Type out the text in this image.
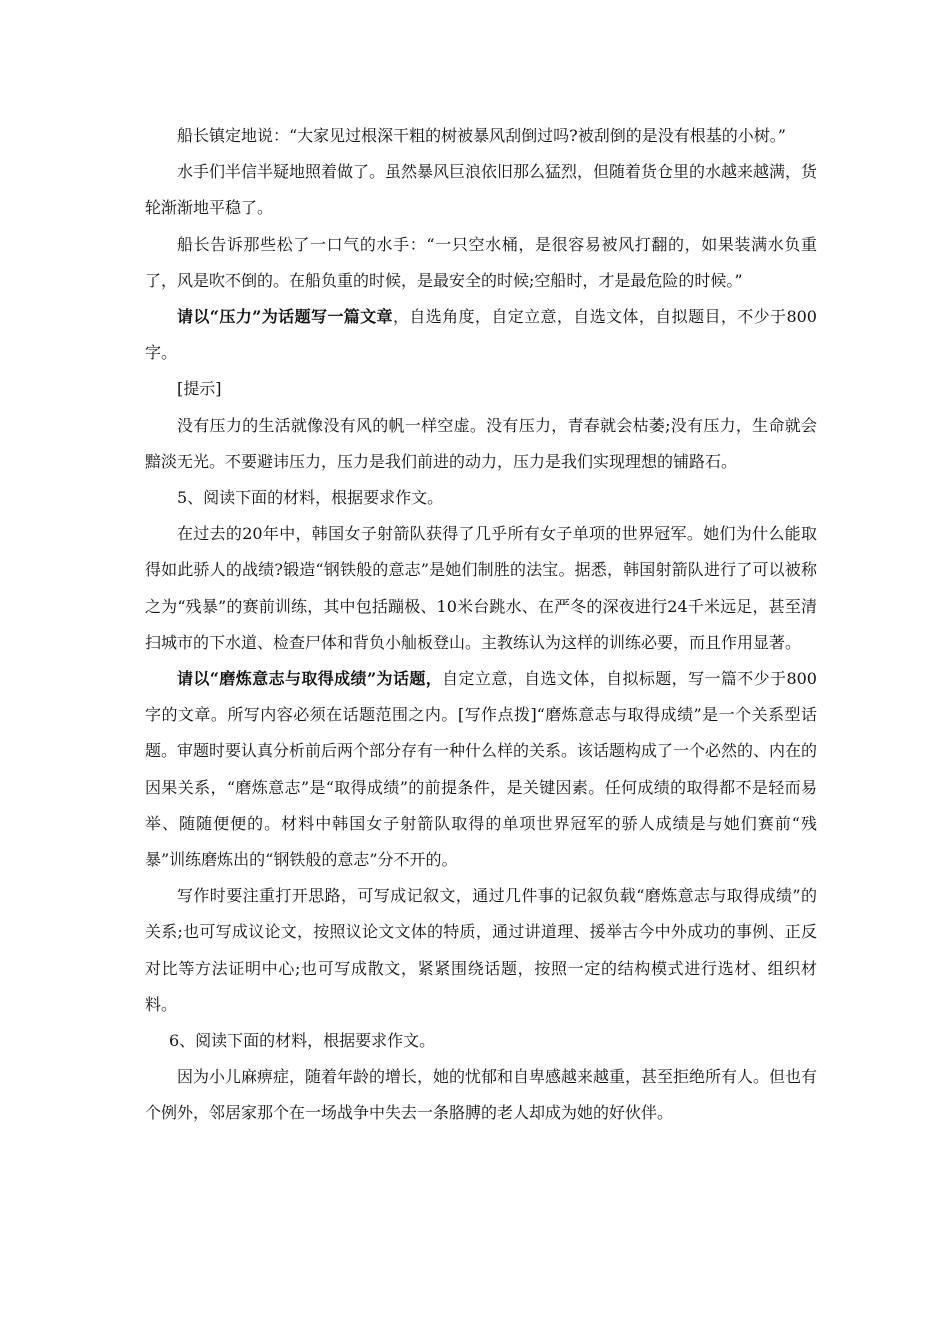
船长镇定地说：“大家见过根深干粗的树被暴风刮倒过吗?被刮倒的是没有根基的小树。”

水手们半信半疑地照着做了。虽然暴风巨浪依旧那么猛烈，但随着货仓里的水越来越满，货轮渐渐地平稳了。

船长告诉那些松了一口气的水手：“一只空水桶，是很容易被风打翻的，如果装满水负重了，风是吹不倒的。在船负重的时候，是最安全的时候;空船时，才是最危险的时候。”

请以“压力”为话题写一篇文章，自选角度，自定立意，自选文体，自拟题目，不少于800字。

[提示]

没有压力的生活就像没有风的帆一样空虚。没有压力，青春就会枯萎;没有压力，生命就会黯淡无光。不要避讳压力，压力是我们前进的动力，压力是我们实现理想的铺路石。

5、阅读下面的材料，根据要求作文。

在过去的20年中，韩国女子射箭队获得了几乎所有女子单项的世界冠军。她们为什么能取得如此骄人的战绩?锻造“钢铁般的意志”是她们制胜的法宝。据悉，韩国射箭队进行了可以被称之为“残暴”的赛前训练，其中包括蹦极、10米台跳水、在严冬的深夜进行24千米远足，甚至清扫城市的下水道、检查尸体和背负小舢板登山。主教练认为这样的训练必要，而且作用显著。

请以“磨炼意志与取得成绩”为话题，自定立意，自选文体，自拟标题，写一篇不少于800字的文章。所写内容必须在话题范围之内。[写作点拨]“磨炼意志与取得成绩”是一个关系型话题。审题时要认真分析前后两个部分存有一种什么样的关系。该话题构成了一个必然的、内在的因果关系，“磨炼意志”是“取得成绩”的前提条件，是关键因素。任何成绩的取得都不是轻而易举、随随便便的。材料中韩国女子射箭队取得的单项世界冠军的骄人成绩是与她们赛前“残暴”训练磨炼出的“钢铁般的意志”分不开的。

写作时要注重打开思路，可写成记叙文，通过几件事的记叙负载“磨炼意志与取得成绩”的关系;也可写成议论文，按照议论文文体的特质，通过讲道理、援举古今中外成功的事例、正反对比等方法证明中心;也可写成散文，紧紧围绕话题，按照一定的结构模式进行选材、组织材料。

6、阅读下面的材料，根据要求作文。

因为小儿麻痹症，随着年龄的增长，她的忧郁和自卑感越来越重，甚至拒绝所有人。但也有个例外，邻居家那个在一场战争中失去一条胳膊的老人却成为她的好伙伴。
